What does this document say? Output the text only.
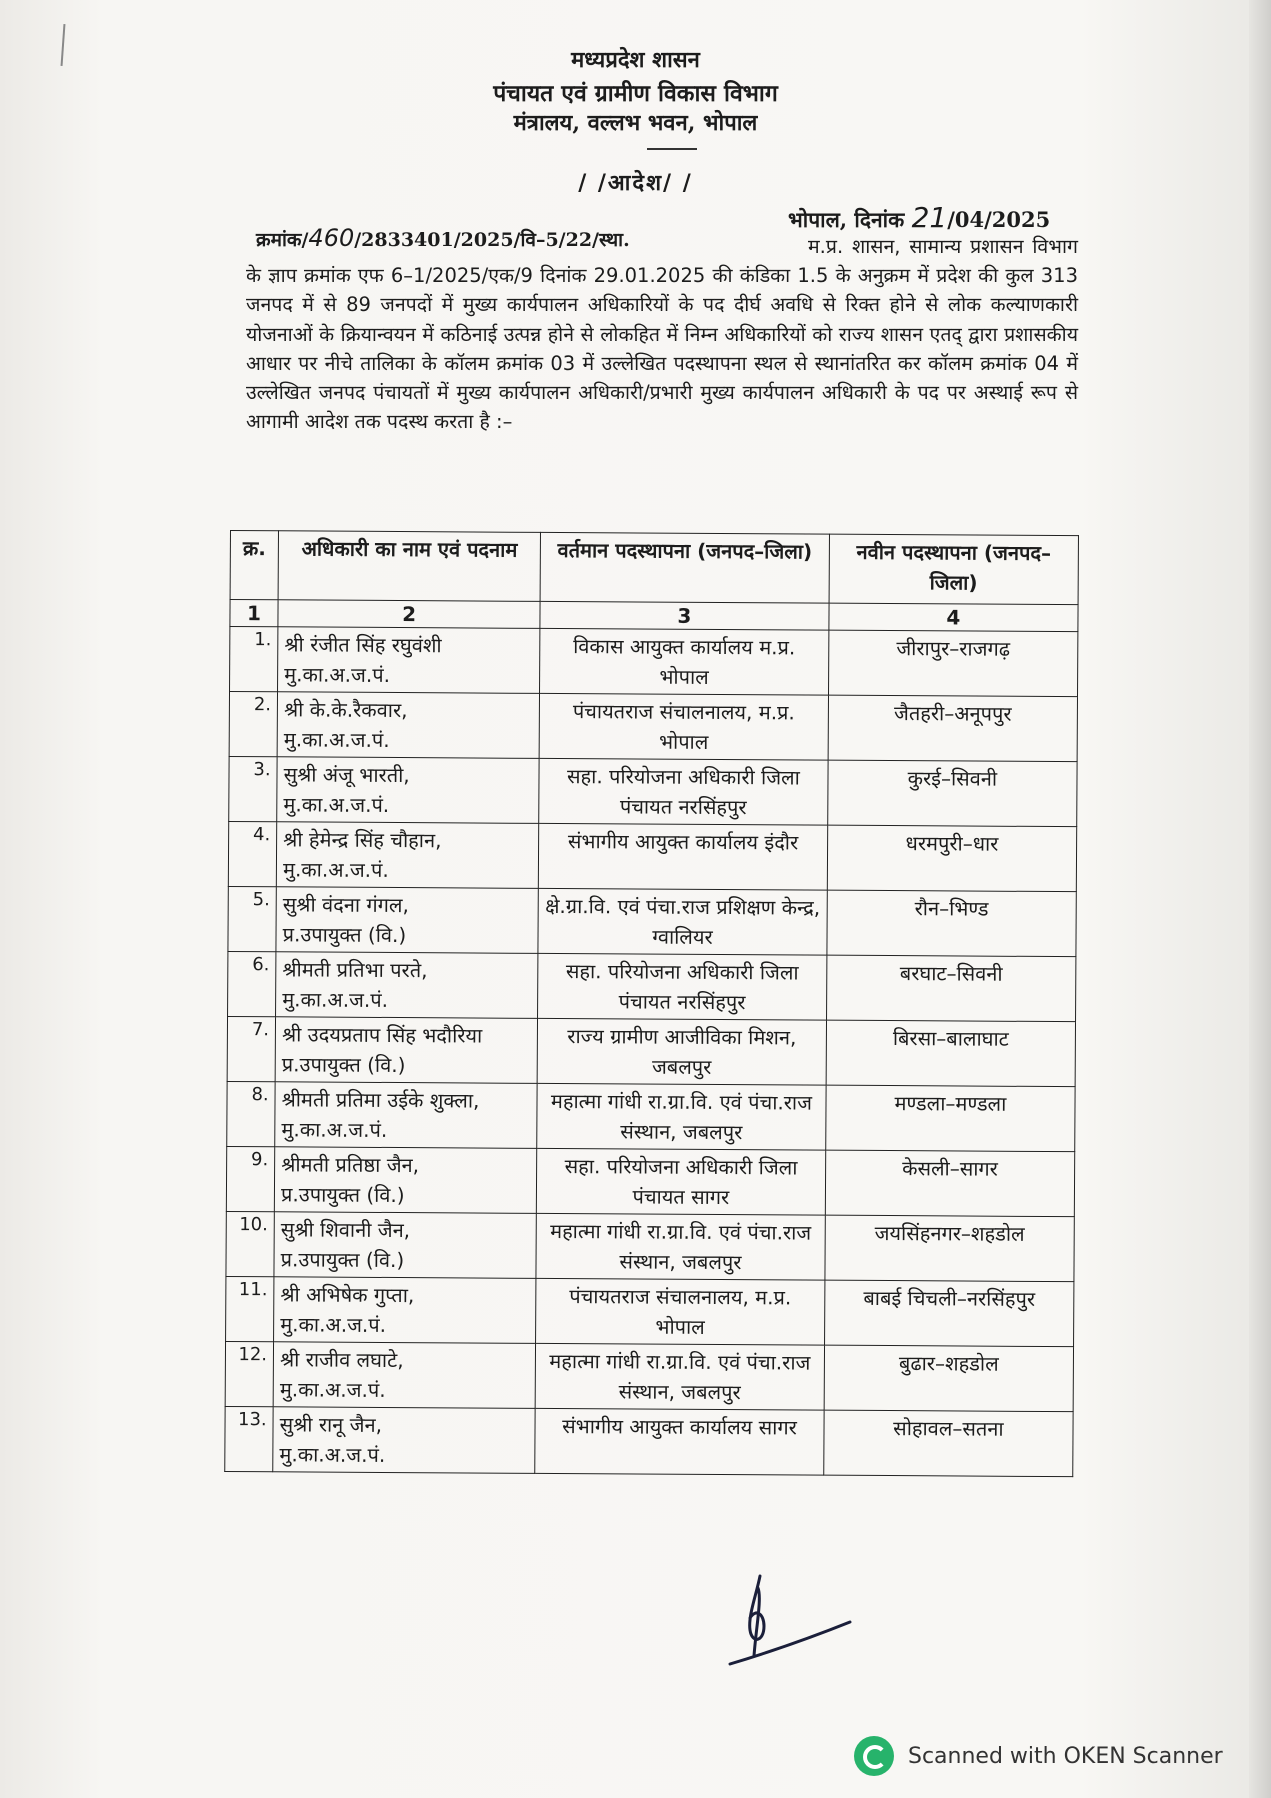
मध्यप्रदेश शासन
पंचायत एवं ग्रामीण विकास विभाग
मंत्रालय, वल्लभ भवन, भोपाल
/ /आदेश/ /
भोपाल, दिनांक 21/04/2025
क्रमांक/460/2833401/2025/वि–5/22/स्था.	म.प्र. शासन, सामान्य प्रशासन विभाग के ज्ञाप क्रमांक एफ 6–1/2025/एक/9 दिनांक 29.01.2025 की कंडिका 1.5 के अनुक्रम में प्रदेश की कुल 313 जनपद में से 89 जनपदों में मुख्य कार्यपालन अधिकारियों के पद दीर्घ अवधि से रिक्त होने से लोक कल्याणकारी योजनाओं के क्रियान्वयन में कठिनाई उत्पन्न होने से लोकहित में निम्न अधिकारियों को राज्य शासन एतद् द्वारा प्रशासकीय आधार पर नीचे तालिका के कॉलम क्रमांक 03 में उल्लेखित पदस्थापना स्थल से स्थानांतरित कर कॉलम क्रमांक 04 में उल्लेखित जनपद पंचायतों में मुख्य कार्यपालन अधिकारी/प्रभारी मुख्य कार्यपालन अधिकारी के पद पर अस्थाई रूप से आगामी आदेश तक पदस्थ करता है :–
क्र.	अधिकारी का नाम एवं पदनाम	वर्तमान पदस्थापना (जनपद–जिला)	नवीन पदस्थापना (जनपद–जिला)
1	2	3	4

1.	श्री रंजीत सिंह रघुवंशी
मु.का.अ.ज.पं.	विकास आयुक्त कार्यालय म.प्र. भोपाल	जीरापुर–राजगढ़

2.	श्री के.के.रैकवार,
मु.का.अ.ज.पं.	पंचायतराज संचालनालय, म.प्र. भोपाल	जैतहरी–अनूपपुर

3.	सुश्री अंजू भारती,
मु.का.अ.ज.पं.	सहा. परियोजना अधिकारी जिला पंचायत नरसिंहपुर	कुरई–सिवनी

4.	श्री हेमेन्द्र सिंह चौहान,
मु.का.अ.ज.पं.	संभागीय आयुक्त कार्यालय इंदौर	धरमपुरी–धार

5.	सुश्री वंदना गंगल,
प्र.उपायुक्त (वि.)	क्षे.ग्रा.वि. एवं पंचा.राज प्रशिक्षण केन्द्र, ग्वालियर	रौन–भिण्ड

6.	श्रीमती प्रतिभा परते,
मु.का.अ.ज.पं.	सहा. परियोजना अधिकारी जिला पंचायत नरसिंहपुर	बरघाट–सिवनी

7.	श्री उदयप्रताप सिंह भदौरिया
प्र.उपायुक्त (वि.)	राज्य ग्रामीण आजीविका मिशन, जबलपुर	बिरसा–बालाघाट

8.	श्रीमती प्रतिमा उईके शुक्ला,
मु.का.अ.ज.पं.	महात्मा गांधी रा.ग्रा.वि. एवं पंचा.राज संस्थान, जबलपुर	मण्डला–मण्डला

9.	श्रीमती प्रतिष्ठा जैन,
प्र.उपायुक्त (वि.)	सहा. परियोजना अधिकारी जिला पंचायत सागर	केसली–सागर

10.	सुश्री शिवानी जैन,
प्र.उपायुक्त (वि.)	महात्मा गांधी रा.ग्रा.वि. एवं पंचा.राज संस्थान, जबलपुर	जयसिंहनगर–शहडोल

11.	श्री अभिषेक गुप्ता,
मु.का.अ.ज.पं.	पंचायतराज संचालनालय, म.प्र. भोपाल	बाबई चिचली–नरसिंहपुर

12.	श्री राजीव लघाटे,
मु.का.अ.ज.पं.	महात्मा गांधी रा.ग्रा.वि. एवं पंचा.राज संस्थान, जबलपुर	बुढार–शहडोल

13.	सुश्री रानू जैन,
मु.का.अ.ज.पं.	संभागीय आयुक्त कार्यालय सागर	सोहावल–सतना
Scanned with OKEN Scanner
